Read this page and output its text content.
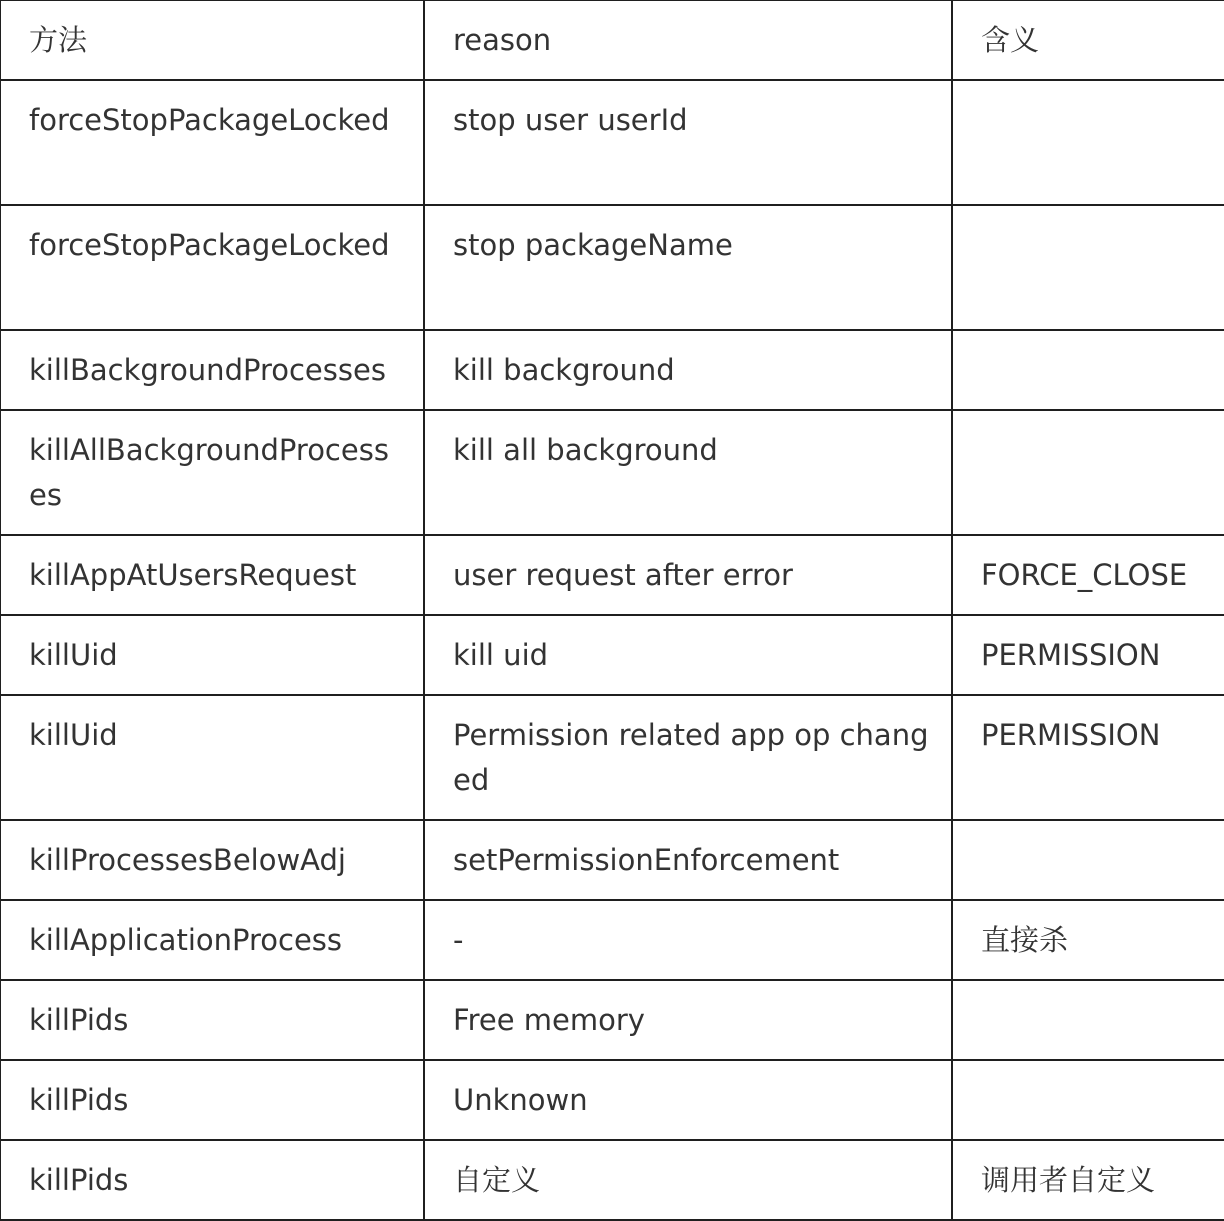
方法	reason	含义
forceStopPackageLocked	stop user userId	
forceStopPackageLocked	stop packageName	
killBackgroundProcesses	kill background	
killAllBackgroundProcesses	kill all background	
killAppAtUsersRequest	user request after error	FORCE_CLOSE
killUid	kill uid	PERMISSION
killUid	Permission related app op changed	PERMISSION
killProcessesBelowAdj	setPermissionEnforcement	
killApplicationProcess	-	直接杀
killPids	Free memory	
killPids	Unknown	
killPids	自定义	调用者自定义
